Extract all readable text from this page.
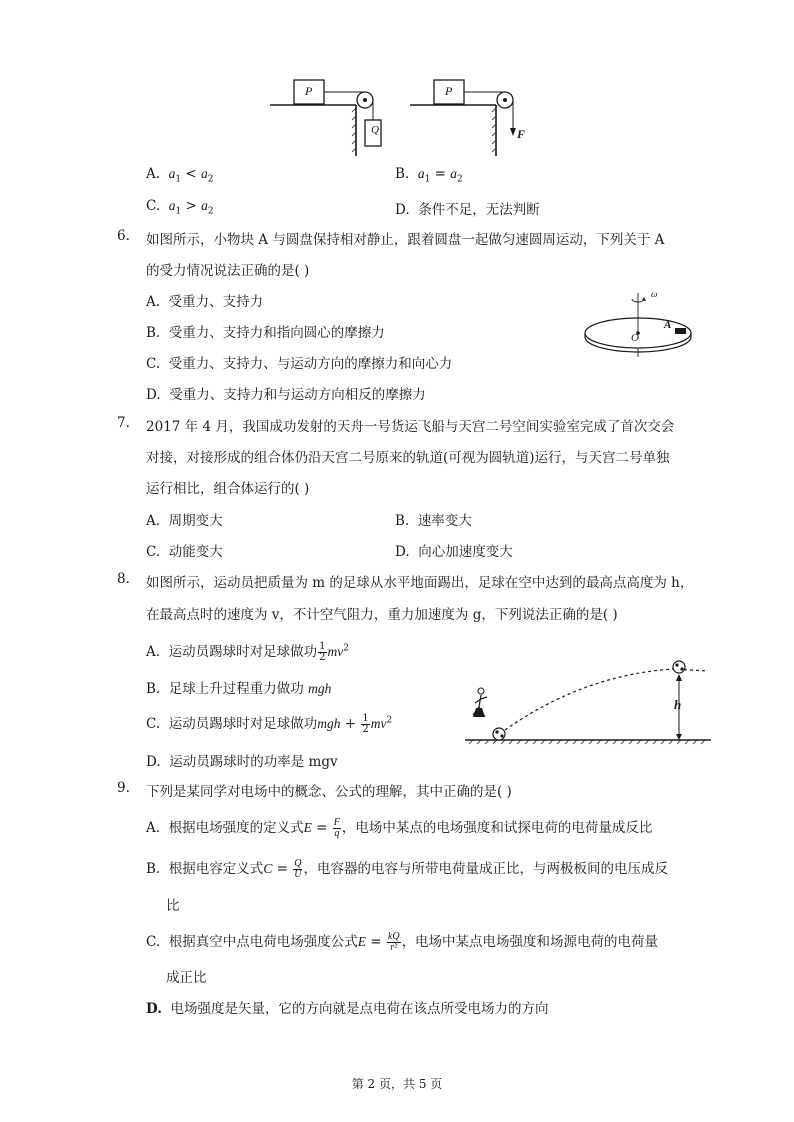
P
Q
P
F
A. $a_1 < a_2$	B. $a_1 = a_2$
C. $a_1 > a_2$	D. 条件不足，无法判断
6. 如图所示，小物块 A 与圆盘保持相对静止，跟着圆盘一起做匀速圆周运动，下列关于 A
的受力情况说法正确的是( )
A. 受重力、支持力
B. 受重力、支持力和指向圆心的摩擦力
C. 受重力、支持力、与运动方向的摩擦力和向心力
D. 受重力、支持力和与运动方向相反的摩擦力
ω
O
A
7. 2017 年 4 月，我国成功发射的天舟一号货运飞船与天宫二号空间实验室完成了首次交会
对接，对接形成的组合体仍沿天宫二号原来的轨道(可视为圆轨道)运行，与天宫二号单独
运行相比，组合体运行的( )
A. 周期变大	B. 速率变大
C. 动能变大	D. 向心加速度变大
8. 如图所示，运动员把质量为 m 的足球从水平地面踢出，足球在空中达到的最高点高度为 h，
在最高点时的速度为 v，不计空气阻力，重力加速度为 g，下列说法正确的是( )
A.  运动员踢球时对足球做功 $\frac{1}{2} mv^2$
B.  足球上升过程重力做功 mgh
C.  运动员踢球时对足球做功mgh + $\frac{1}{2} mv^2$
D.  运动员踢球时的功率是 mgv
h
9. 下列是某同学对电场中的概念、公式的理解，其中正确的是( )
A.  根据电场强度的定义式$E = \frac{F}{q}$ ，电场中某点的电场强度和试探电荷的电荷量成反比
B.  根据电容定义式$C = \frac{Q}{U}$ ，电容器的电容与所带电荷量成正比，与两极板间的电压成反
比
C.  根据真空中点电荷电场强度公式$E = \frac{kQ}{\text{r²}}$ ，电场中某点电场强度和场源电荷的电荷量
成正比
D. 电场强度是矢量，它的方向就是点电荷在该点所受电场力的方向
第 2 页，共 5 页
